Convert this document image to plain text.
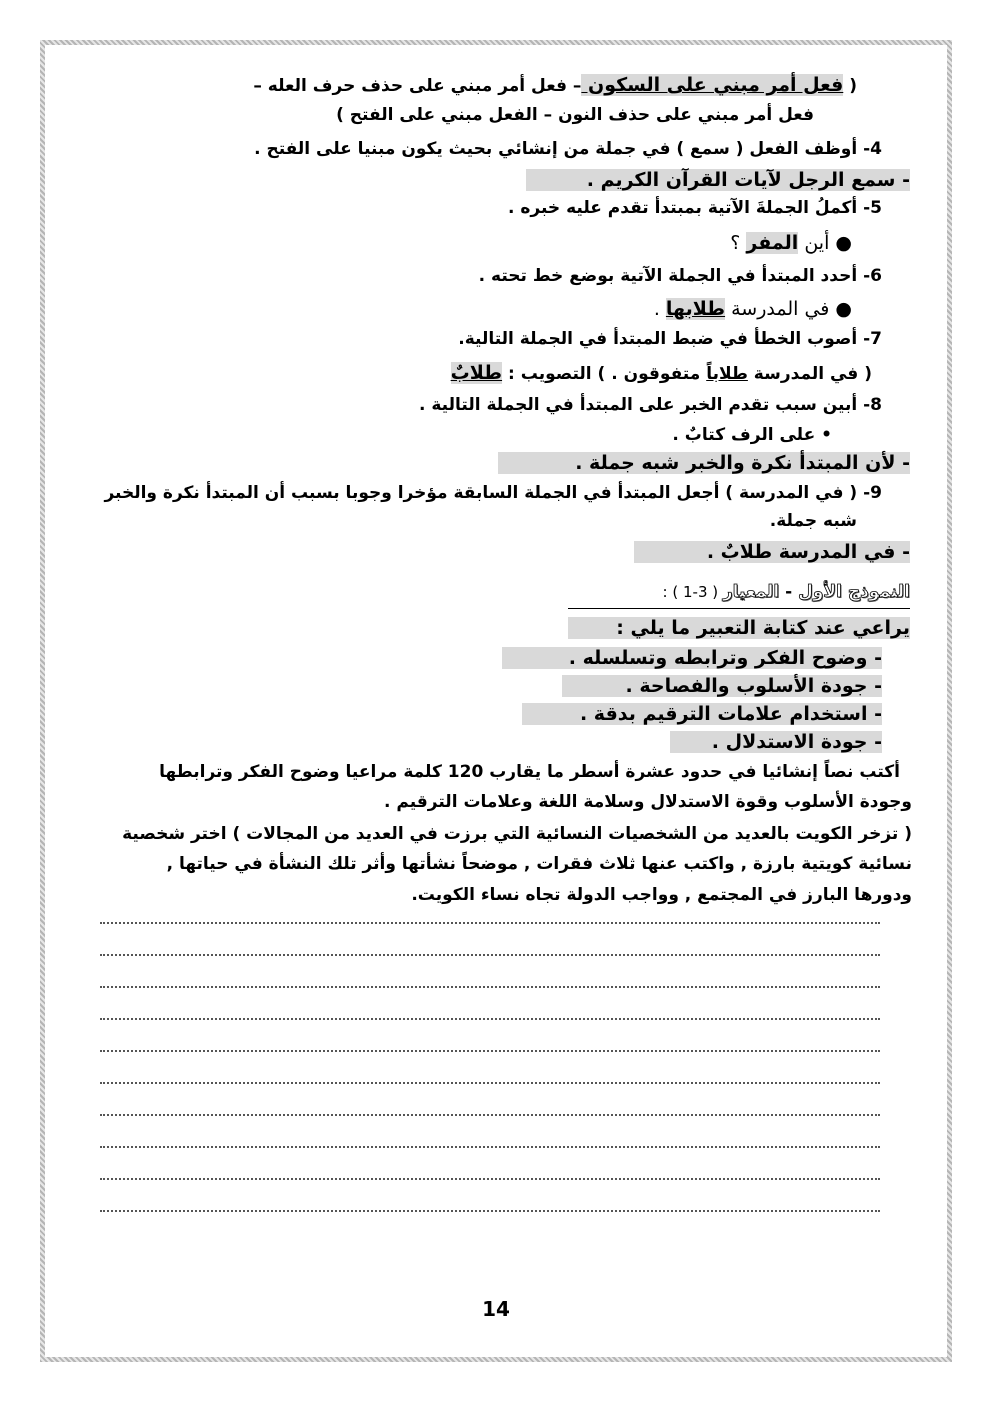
( فعل أمر مبني على السكون – فعل أمر مبني على حذف حرف العله –
فعل أمر مبني على حذف النون – الفعل مبني على الفتح )
4- أوظف الفعل ( سمع ) في جملة من إنشائي بحيث يكون مبنيا على الفتح .
- سمع الرجل لآيات القرآن الكريم .
5- أكملُ الجملةَ الآتية بمبتدأ تقدم عليه خبره .
● أين المفر ؟
6- أحدد المبتدأ في الجملة الآتية بوضع خط تحته .
● في المدرسة طلابها .
7- أصوب الخطأ في ضبط المبتدأ في الجملة التالية.
( في المدرسة طلاباً متفوقون . ) التصويب : طلابٌ
8- أبين سبب تقدم الخبر على المبتدأ في الجملة التالية .
• على الرف كتابٌ .
- لأن المبتدأ نكرة والخبر شبه جملة .
9- ( في المدرسة ) أجعل المبتدأ في الجملة السابقة مؤخرا وجوبا بسبب أن المبتدأ نكرة والخبر
شبه جملة.
- في المدرسة طلابٌ .
النموذج الأول - المعيار ( 3-1 ) :
يراعي عند كتابة التعبير ما يلي :
- وضوح الفكر وترابطه وتسلسله .
- جودة الأسلوب والفصاحة .
- استخدام علامات الترقيم بدقة .
- جودة الاستدلال .
أكتب نصاً إنشائيا في حدود عشرة أسطر ما يقارب 120 كلمة مراعيا وضوح الفكر وترابطها
وجودة الأسلوب وقوة الاستدلال وسلامة اللغة وعلامات الترقيم .
( تزخر الكويت بالعديد من الشخصيات النسائية التي برزت في العديد من المجالات ) اختر شخصية
نسائية كويتية بارزة , واكتب عنها ثلاث فقرات , موضحاً نشأتها وأثر تلك النشأة في حياتها ,
ودورها البارز في المجتمع , وواجب الدولة تجاه نساء الكويت.
14
